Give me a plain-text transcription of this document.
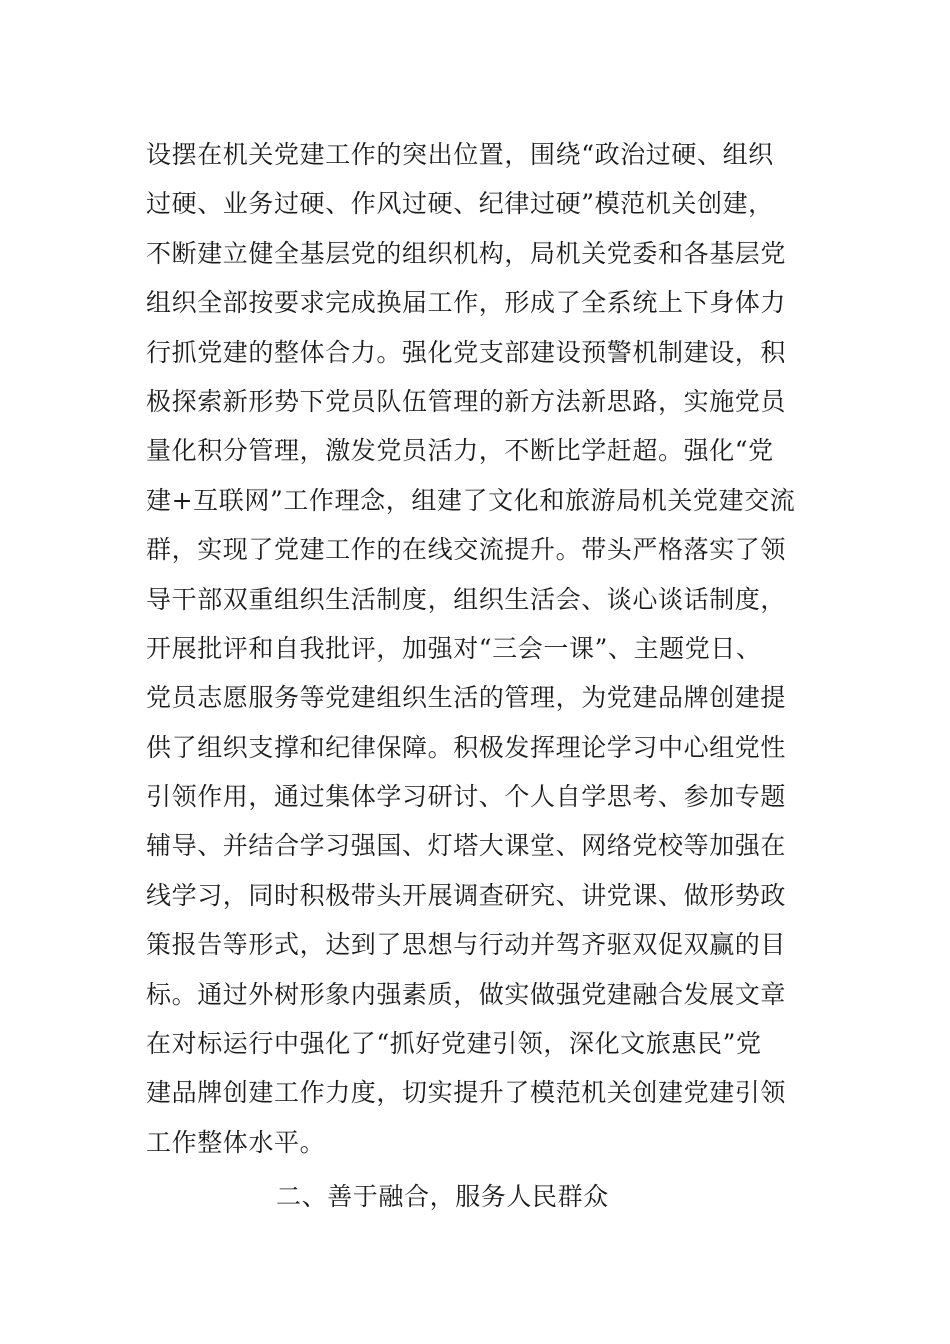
设摆在机关党建工作的突出位置，围绕“政治过硬、组织
过硬、业务过硬、作风过硬、纪律过硬”模范机关创建，
不断建立健全基层党的组织机构，局机关党委和各基层党
组织全部按要求完成换届工作，形成了全系统上下身体力
行抓党建的整体合力。强化党支部建设预警机制建设，积
极探索新形势下党员队伍管理的新方法新思路，实施党员
量化积分管理，激发党员活力，不断比学赶超。强化“党
建+互联网”工作理念，组建了文化和旅游局机关党建交流
群，实现了党建工作的在线交流提升。带头严格落实了领
导干部双重组织生活制度，组织生活会、谈心谈话制度，
开展批评和自我批评，加强对“三会一课”、主题党日、
党员志愿服务等党建组织生活的管理，为党建品牌创建提
供了组织支撑和纪律保障。积极发挥理论学习中心组党性
引领作用，通过集体学习研讨、个人自学思考、参加专题
辅导、并结合学习强国、灯塔大课堂、网络党校等加强在
线学习，同时积极带头开展调查研究、讲党课、做形势政
策报告等形式，达到了思想与行动并驾齐驱双促双赢的目
标。通过外树形象内强素质，做实做强党建融合发展文章
在对标运行中强化了“抓好党建引领，深化文旅惠民”党
建品牌创建工作力度，切实提升了模范机关创建党建引领
工作整体水平。
二、善于融合，服务人民群众
